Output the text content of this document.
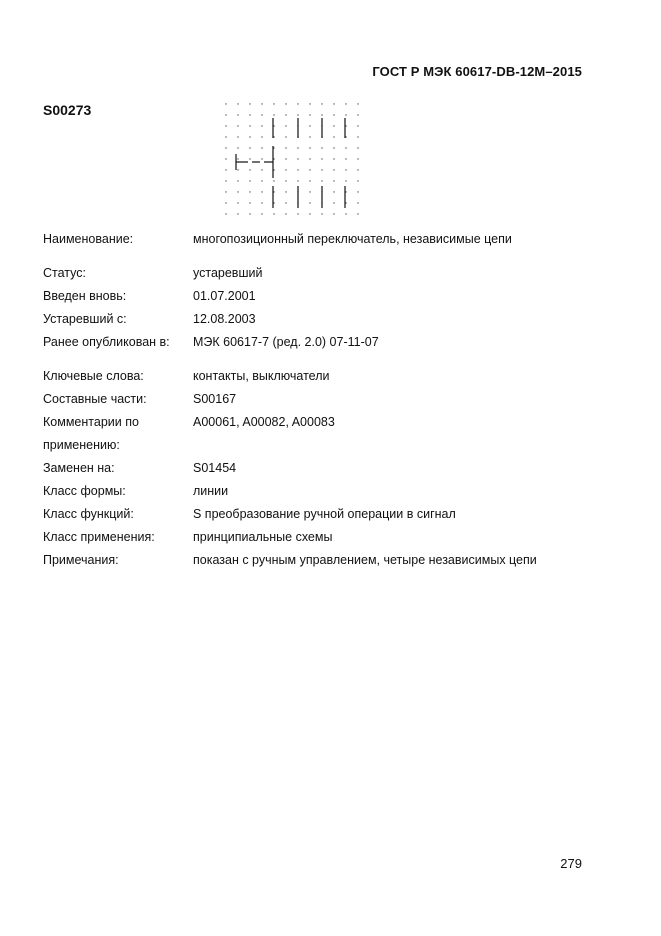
ГОСТ Р МЭК 60617-DB-12M–2015
S00273
Наименование:	многопозиционный переключатель, независимые цепи
Статус:	устаревший
Введен вновь:	01.07.2001
Устаревший с:	12.08.2003
Ранее опубликован в:	МЭК 60617-7 (ред. 2.0) 07-11-07
Ключевые слова:	контакты, выключатели
Составные части:	S00167
Комментарии по применению:
A00061, A00082, A00083
Заменен на:	S01454
Класс формы:	линии
Класс функций:	S преобразование ручной операции в сигнал
Класс применения:	принципиальные схемы
Примечания:	показан с ручным управлением, четыре независимых цепи
279
